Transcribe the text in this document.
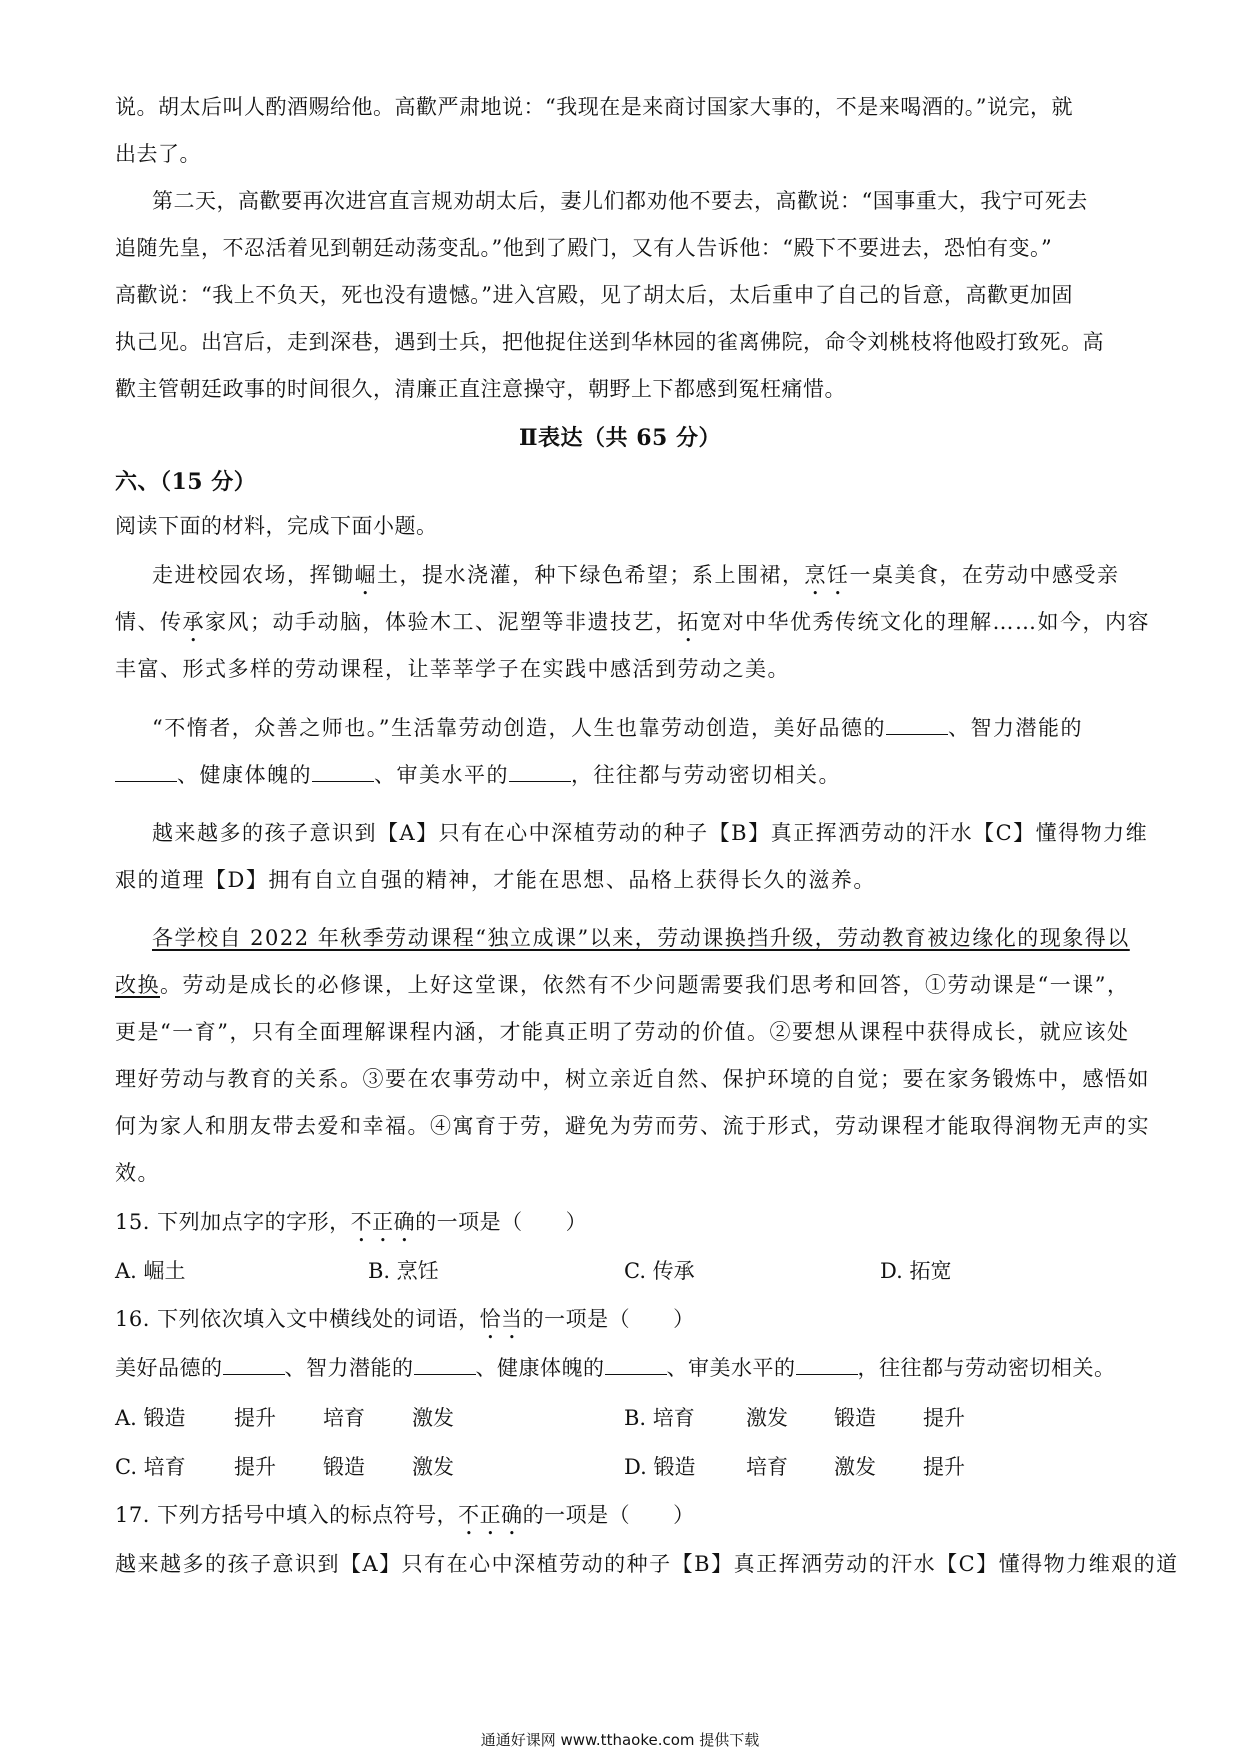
说。胡太后叫人酌酒赐给他。高歡严肃地说：“我现在是来商讨国家大事的，不是来喝酒的。”说完，就
出去了。
第二天，高歡要再次进宫直言规劝胡太后，妻儿们都劝他不要去，高歡说：“国事重大，我宁可死去
追随先皇，不忍活着见到朝廷动荡变乱。”他到了殿门，又有人告诉他：“殿下不要进去，恐怕有变。”
高歡说：“我上不负天，死也没有遗憾。”进入宫殿，见了胡太后，太后重申了自己的旨意，高歡更加固
执己见。出宫后，走到深巷，遇到士兵，把他捉住送到华林园的雀离佛院，命令刘桃枝将他殴打致死。高
歡主管朝廷政事的时间很久，清廉正直注意操守，朝野上下都感到冤枉痛惜。
Ⅱ表达（共 65 分）
六、（15 分）
阅读下面的材料，完成下面小题。
走进校园农场，挥锄崛土，提水浇灌，种下绿色希望；系上围裙，烹饪一桌美食，在劳动中感受亲
情、传承家风；动手动脑，体验木工、泥塑等非遗技艺，拓宽对中华优秀传统文化的理解……如今，内容
丰富、形式多样的劳动课程，让莘莘学子在实践中感活到劳动之美。
“不惰者，众善之师也。”生活靠劳动创造，人生也靠劳动创造，美好品德的	、智力潜能的
、健康体魄的	、审美水平的	，往往都与劳动密切相关。
越来越多的孩子意识到【A】只有在心中深植劳动的种子【B】真正挥洒劳动的汗水【C】懂得物力维
艰的道理【D】拥有自立自强的精神，才能在思想、品格上获得长久的滋养。
各学校自 2022 年秋季劳动课程“独立成课”以来，劳动课换挡升级，劳动教育被边缘化的现象得以
改换。劳动是成长的必修课，上好这堂课，依然有不少问题需要我们思考和回答，①劳动课是“一课”，
更是“一育”，只有全面理解课程内涵，才能真正明了劳动的价值。②要想从课程中获得成长，就应该处
理好劳动与教育的关系。③要在农事劳动中，树立亲近自然、保护环境的自觉；要在家务锻炼中，感悟如
何为家人和朋友带去爱和幸福。④寓育于劳，避免为劳而劳、流于形式，劳动课程才能取得润物无声的实
效。
15. 下列加点字的字形，不正确的一项是（　　）
A. 崛土	B. 烹饪	C. 传承	D. 拓宽
16. 下列依次填入文中横线处的词语，恰当的一项是（　　）
美好品德的	、智力潜能的	、健康体魄的	、审美水平的	，往往都与劳动密切相关。
A. 锻造 提升 培育 激发	B. 培育 激发 锻造 提升
C. 培育 提升 锻造 激发	D. 锻造 培育 激发 提升
17. 下列方括号中填入的标点符号，不正确的一项是（　　）
越来越多的孩子意识到【A】只有在心中深植劳动的种子【B】真正挥洒劳动的汗水【C】懂得物力维艰的道
通通好课网 www.tthaoke.com 提供下载
